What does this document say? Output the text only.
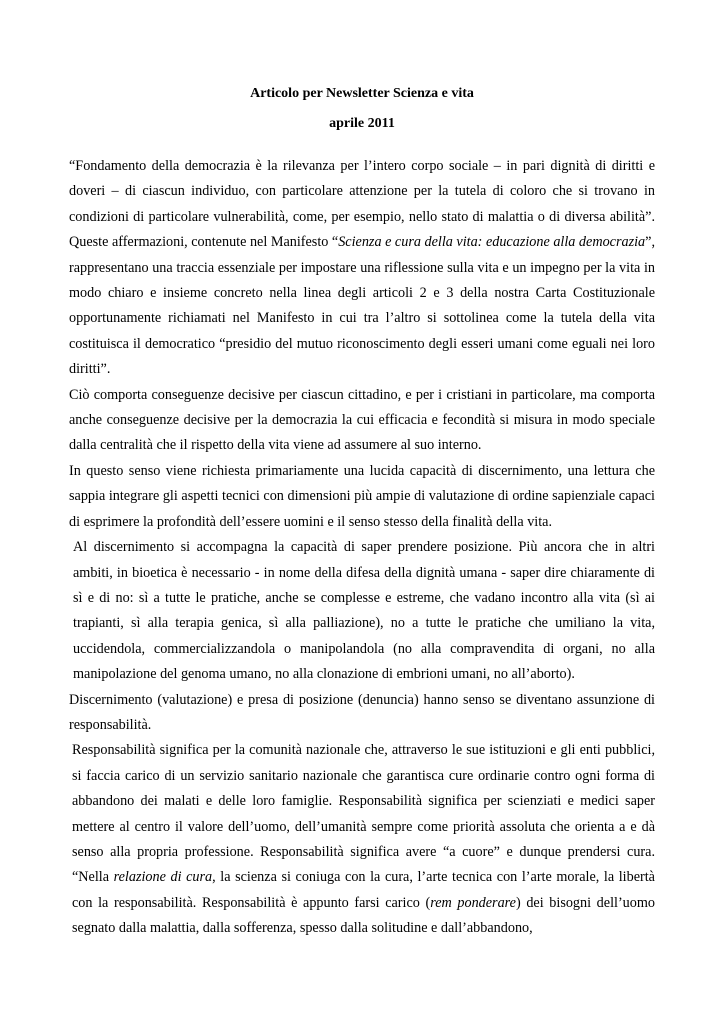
Articolo per Newsletter Scienza e vita
aprile 2011

“Fondamento della democrazia è la rilevanza per l’intero corpo sociale – in pari dignità di diritti e doveri – di ciascun individuo, con particolare attenzione per la tutela di coloro che si trovano in condizioni di particolare vulnerabilità, come, per esempio, nello stato di malattia o di diversa abilità”. Queste affermazioni, contenute nel Manifesto “Scienza e cura della vita: educazione alla democrazia”, rappresentano una traccia essenziale per impostare una riflessione sulla vita e un impegno per la vita in modo chiaro e insieme concreto nella linea degli articoli 2 e 3 della nostra Carta Costituzionale opportunamente richiamati nel Manifesto in cui tra l’altro si sottolinea come la tutela della vita costituisca il democratico “presidio del mutuo riconoscimento degli esseri umani come eguali nei loro diritti”.

Ciò comporta conseguenze decisive per ciascun cittadino, e per i cristiani in particolare, ma comporta anche conseguenze decisive per la democrazia la cui efficacia e fecondità si misura in modo speciale dalla centralità che il rispetto della vita viene ad assumere al suo interno.

In questo senso viene richiesta primariamente una lucida capacità di discernimento, una lettura che sappia integrare gli aspetti tecnici con dimensioni più ampie di valutazione di ordine sapienziale capaci di esprimere la profondità dell’essere uomini e il senso stesso della finalità della vita.

Al discernimento si accompagna la capacità di saper prendere posizione. Più ancora che in altri ambiti, in bioetica è necessario - in nome della difesa della dignità umana - saper dire chiaramente di sì e di no: sì a tutte le pratiche, anche se complesse e estreme, che vadano incontro alla vita (sì ai trapianti, sì alla terapia genica, sì alla palliazione), no a tutte le pratiche che umiliano la vita, uccidendola, commercializzandola o manipolandola (no alla compravendita di organi, no alla manipolazione del genoma umano, no alla clonazione di embrioni umani, no all’aborto).

Discernimento (valutazione) e presa di posizione (denuncia) hanno senso se diventano assunzione di responsabilità.

Responsabilità significa per la comunità nazionale che, attraverso le sue istituzioni e gli enti pubblici, si faccia carico di un servizio sanitario nazionale che garantisca cure ordinarie contro ogni forma di abbandono dei malati e delle loro famiglie. Responsabilità significa per scienziati e medici saper mettere al centro il valore dell’uomo, dell’umanità sempre come priorità assoluta che orienta a e dà senso alla propria professione. Responsabilità significa avere “a cuore” e dunque prendersi cura. “Nella relazione di cura, la scienza si coniuga con la cura, l’arte tecnica con l’arte morale, la libertà con la responsabilità. Responsabilità è appunto farsi carico (rem ponderare) dei bisogni dell’uomo segnato dalla malattia, dalla sofferenza, spesso dalla solitudine e dall’abbandono,
